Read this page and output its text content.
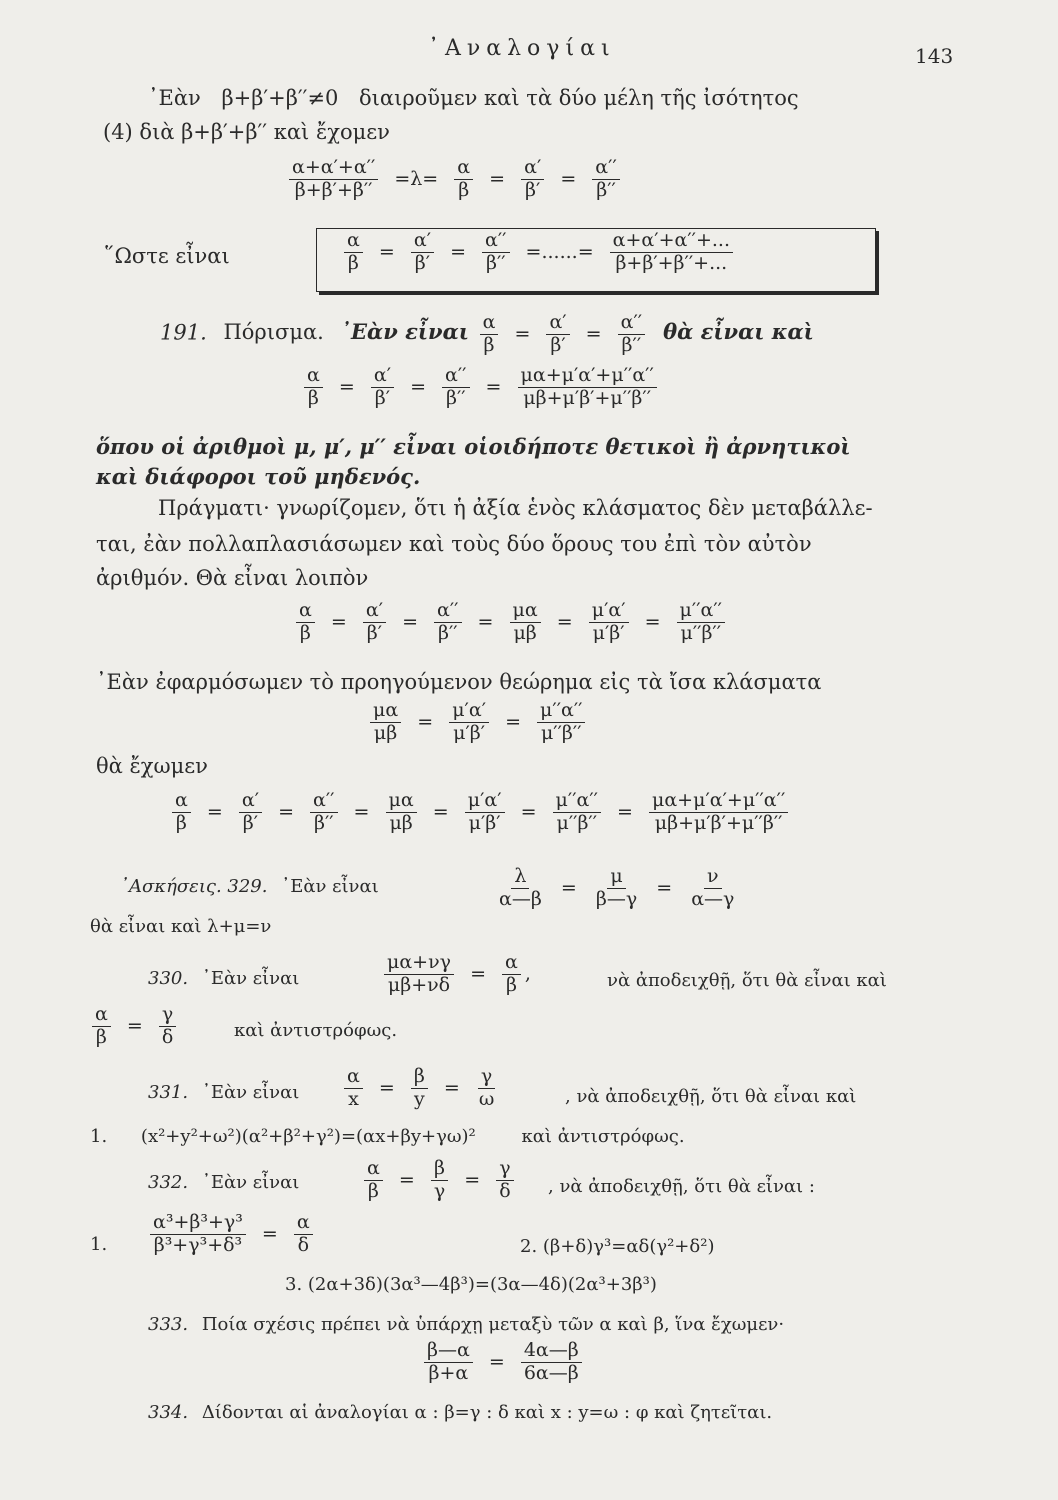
᾿Αναλογίαι	143
᾿Εὰν β+β′+β′′≠0 διαιροῦμεν καὶ τὰ δύο μέλη τῆς ἰσότητος
(4) διὰ β+β′+β′′ καὶ ἔχομεν
$\frac{\alpha+\alpha'+\alpha''}{\beta+\beta'+\beta''} =\lambda= \frac{\alpha}{\beta} = \frac{\alpha'}{\beta'} = \frac{\alpha''}{\beta''}$
῞Ωστε εἶναι	$\frac{\alpha}{\beta} = \frac{\alpha'}{\beta'} = \frac{\alpha''}{\beta''}$ =......= $\frac{\alpha+\alpha'+\alpha''+...}{\beta+\beta'+\beta''+...}$
191. Πόρισμα. ᾿Εὰν εἶναι $\frac{\alpha}{\beta} = \frac{\alpha'}{\beta'} = \frac{\alpha''}{\beta''}$ θὰ εἶναι καὶ
$\frac{\alpha}{\beta} = \frac{\alpha'}{\beta'} = \frac{\alpha''}{\beta''} = \frac{\mu\alpha+\mu'\alpha'+\mu''\alpha''}{\mu\beta+\mu'\beta'+\mu''\beta''}$
ὅπου οἱ ἀριθμοὶ μ, μ′, μ′′ εἶναι οἱοιδήποτε θετικοὶ ἢ ἀρνητικοὶ
καὶ διάφοροι τοῦ μηδενός.
Πράγματι· γνωρίζομεν, ὅτι ἡ ἀξία ἑνὸς κλάσματος δὲν μεταβάλλε-
ται, ἐὰν πολλαπλασιάσωμεν καὶ τοὺς δύο ὅρους του ἐπὶ τὸν αὐτὸν
ἀριθμόν. Θὰ εἶναι λοιπὸν
$\frac{\alpha}{\beta} = \frac{\alpha'}{\beta'} = \frac{\alpha''}{\beta''} = \frac{\mu\alpha}{\mu\beta} = \frac{\mu'\alpha'}{\mu'\beta'} = \frac{\mu''\alpha''}{\mu''\beta''}$
᾿Εὰν ἐφαρμόσωμεν τὸ προηγούμενον θεώρημα εἰς τὰ ἴσα κλάσματα
$\frac{\mu\alpha}{\mu\beta} = \frac{\mu'\alpha'}{\mu'\beta'} = \frac{\mu''\alpha''}{\mu''\beta''}$
θὰ ἔχωμεν
$\frac{\alpha}{\beta} = \frac{\alpha'}{\beta'} = \frac{\alpha''}{\beta''} = \frac{\mu\alpha}{\mu\beta} = \frac{\mu'\alpha'}{\mu'\beta'} = \frac{\mu''\alpha''}{\mu''\beta''} = \frac{\mu\alpha+\mu'\alpha'+\mu''\alpha''}{\mu\beta+\mu'\beta'+\mu''\beta''}$
᾿Ασκήσεις. 329. ᾿Εὰν εἶναι	$\frac{\lambda}{\alpha—\beta} = \frac{\mu}{\beta—\gamma} = \frac{\nu}{\alpha—\gamma}$
θὰ εἶναι καὶ λ+μ=ν
330. ᾿Εὰν εἶναι	$\frac{\mu\alpha+\nu\gamma}{\mu\beta+\nu\delta} = \frac{\alpha}{\beta}$ ,	νὰ ἀποδειχθῇ, ὅτι θὰ εἶναι καὶ
$\frac{\alpha}{\beta} = \frac{\gamma}{\delta}$	καὶ ἀντιστρόφως.
331. ᾿Εὰν εἶναι $\frac{\alpha}{x} = \frac{\beta}{y} = \frac{\gamma}{\omega}$	, νὰ ἀποδειχθῇ, ὅτι θὰ εἶναι καὶ
1. (x²+y²+ω²)(α²+β²+γ²)=(αx+βy+γω)²	καὶ ἀντιστρόφως.
332. ᾿Εὰν εἶναι	$\frac{\alpha}{\beta} = \frac{\beta}{\gamma} = \frac{\gamma}{\delta}$ , νὰ ἀποδειχθῇ, ὅτι θὰ εἶναι :
1. $\frac{\text{α³+β³+γ³}}{\text{β³+γ³+δ³}} = \frac{\alpha}{\delta}$	2. (β+δ)γ³=αδ(γ²+δ²)
3. (2α+3δ)(3α³—4β³)=(3α—4δ)(2α³+3β³)
333. Ποία σχέσις πρέπει νὰ ὑπάρχῃ μεταξὺ τῶν α καὶ β, ἵνα ἔχωμεν·
$\frac{\beta—\alpha}{\beta+\alpha} = \frac{4\alpha—\beta}{6\alpha—\beta}$
334. Δίδονται αἱ ἀναλογίαι α : β=γ : δ καὶ x : y=ω : φ καὶ ζητεῖται.
